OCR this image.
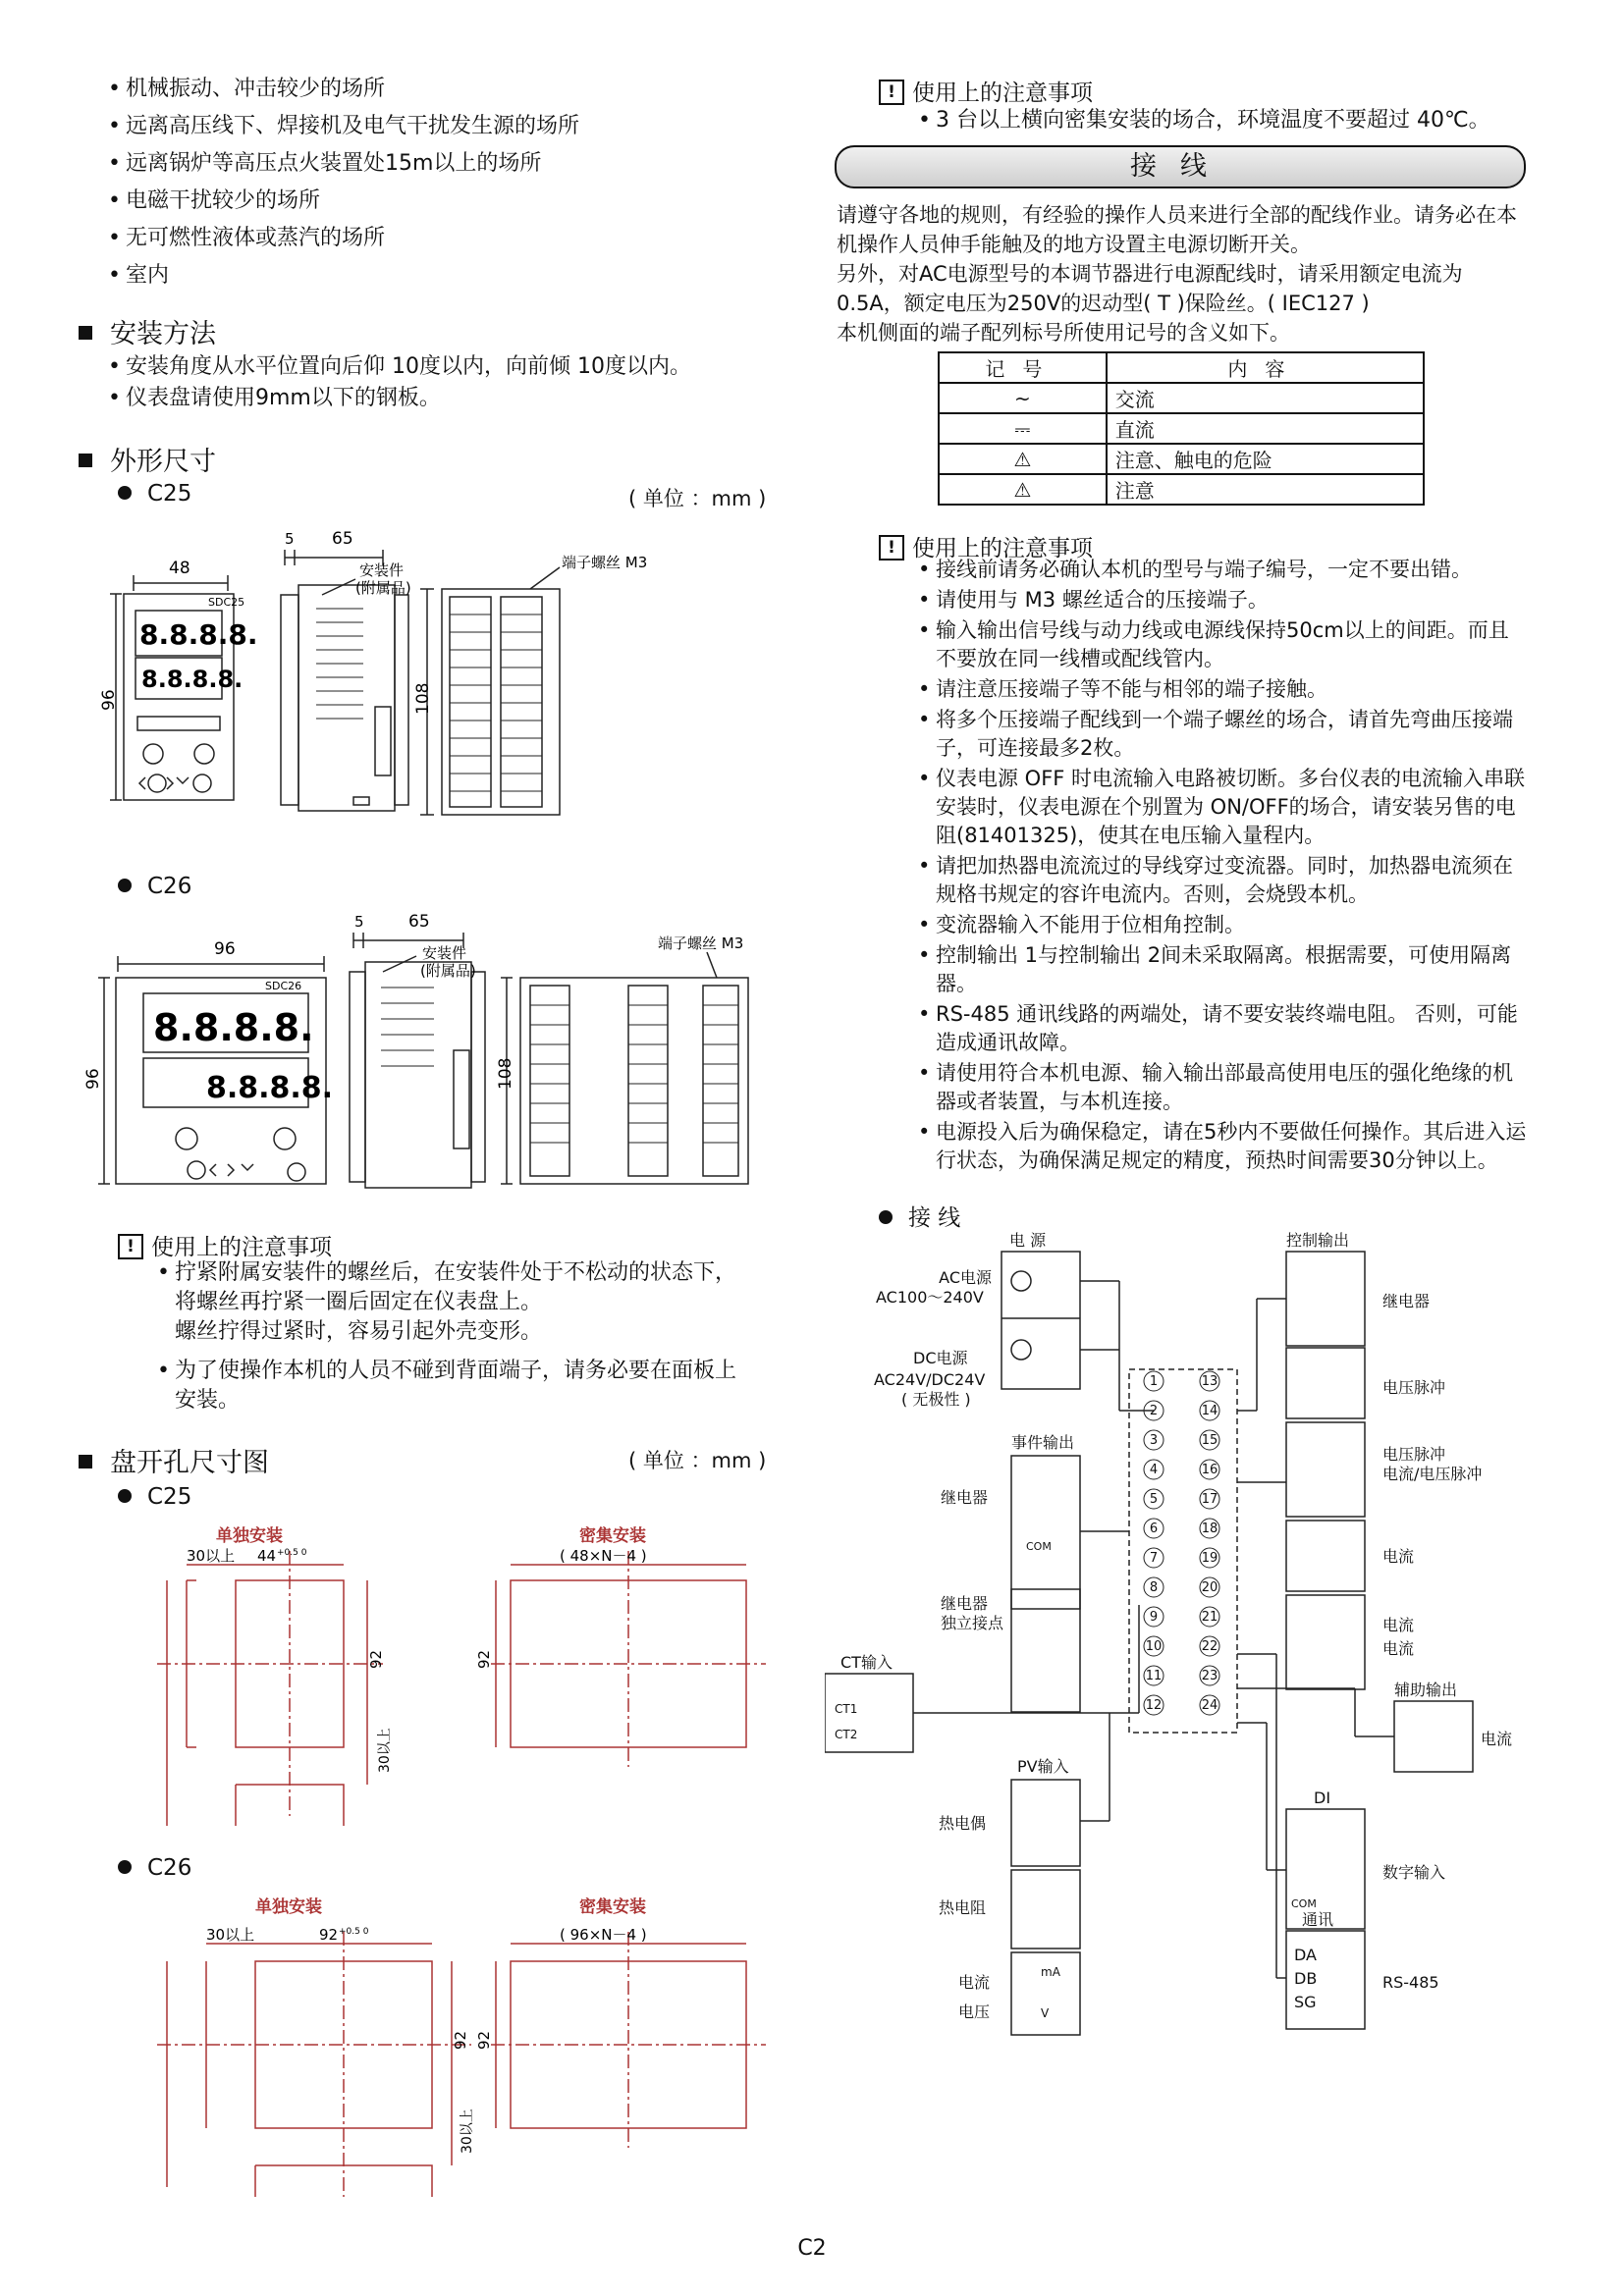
• 机械振动、冲击较少的场所
• 远离高压线下、焊接机及电气干扰发生源的场所
• 远离锅炉等高压点火装置处15m以上的场所
• 电磁干扰较少的场所
• 无可燃性液体或蒸汽的场所
• 室内
安装方法
• 安装角度从水平位置向后仰 10度以内，向前倾 10度以内。
• 仪表盘请使用9mm以下的钢板。
外形尺寸
C25	( 单位 ：mm )
48
5 65
96	108
SDC25
8.8.8.8.
8.8.8.8.
安装件
(附属品)
端子螺丝 M3
C26
96
5	65
96	108
SDC26
8.8.8.8.
8.8.8.8.
安装件
(附属品)
端子螺丝 M3
! 使用上的注意事项
• 拧紧附属安装件的螺丝后，在安装件处于不松动的状态下，将螺丝再拧紧一圈后固定在仪表盘上。
螺丝拧得过紧时，容易引起外壳变形。
• 为了使操作本机的人员不碰到背面端子，请务必要在面板上安装。
盘开孔尺寸图	( 单位 ：mm )
C25
单独安装	密集安装
30以上 44 +0.5 0
92
30以上
( 48×N－4 )
92
C26
单独安装	密集安装
30以上	92 +0.5 0
92
30以上
( 96×N－4 )
92
! 使用上的注意事项
• 3 台以上横向密集安装的场合，环境温度不要超过 40℃。
接线
请遵守各地的规则，有经验的操作人员来进行全部的配线作业。请务必在本机操作人员伸手能触及的地方设置主电源切断开关。
另外，对AC电源型号的本调节器进行电源配线时，请采用额定电流为 0.5A，额定电压为250V的迟动型( T )保险丝。( IEC127 )
本机侧面的端子配列标号所使用记号的含义如下。
记号	内容
~	交流
⎓	直流
⚠	注意、触电的危险
⚠	注意
! 使用上的注意事项
• 接线前请务必确认本机的型号与端子编号，一定不要出错。
• 请使用与 M3 螺丝适合的压接端子。
• 输入输出信号线与动力线或电源线保持50cm以上的间距。而且不要放在同一线槽或配线管内。
• 请注意压接端子等不能与相邻的端子接触。
• 将多个压接端子配线到一个端子螺丝的场合，请首先弯曲压接端子，可连接最多2枚。
• 仪表电源 OFF 时电流输入电路被切断。多台仪表的电流输入串联安装时，仪表电源在个别置为 ON/OFF的场合，请安装另售的电阻(81401325)，使其在电压输入量程内。
• 请把加热器电流流过的导线穿过变流器。同时，加热器电流须在规格书规定的容许电流内。否则，会烧毁本机。
• 变流器输入不能用于位相角控制。
• 控制输出 1与控制输出 2间未采取隔离。根据需要，可使用隔离器。
• RS-485 通讯线路的两端处，请不要安装终端电阻。 否则，可能造成通讯故障。
• 请使用符合本机电源、输入输出部最高使用电压的强化绝缘的机器或者装置，与本机连接。
• 电源投入后为确保稳定，请在5秒内不要做任何操作。其后进入运行状态，为确保满足规定的精度，预热时间需要30分钟以上。
接 线
电 源
AC电源
AC100～240V
DC电源
AC24V/DC24V
( 无极性 )
事件输出
继电器
继电器
独立接点
CT输入
CT1
CT2
PV输入
热电偶
热电阻
电流
电压
mA
V
控制输出
继电器
电压脉冲
电压脉冲
电流/电压脉冲
电流
电流
电流
辅助输出
电流
DI
数字输入
通讯
RS-485
DA
DB
SG
COM
COM
1	13
2	14
3	15
4	16
5	17
6	18
7	19
8	20
9	21
10	22
11	23
12	24
C2
